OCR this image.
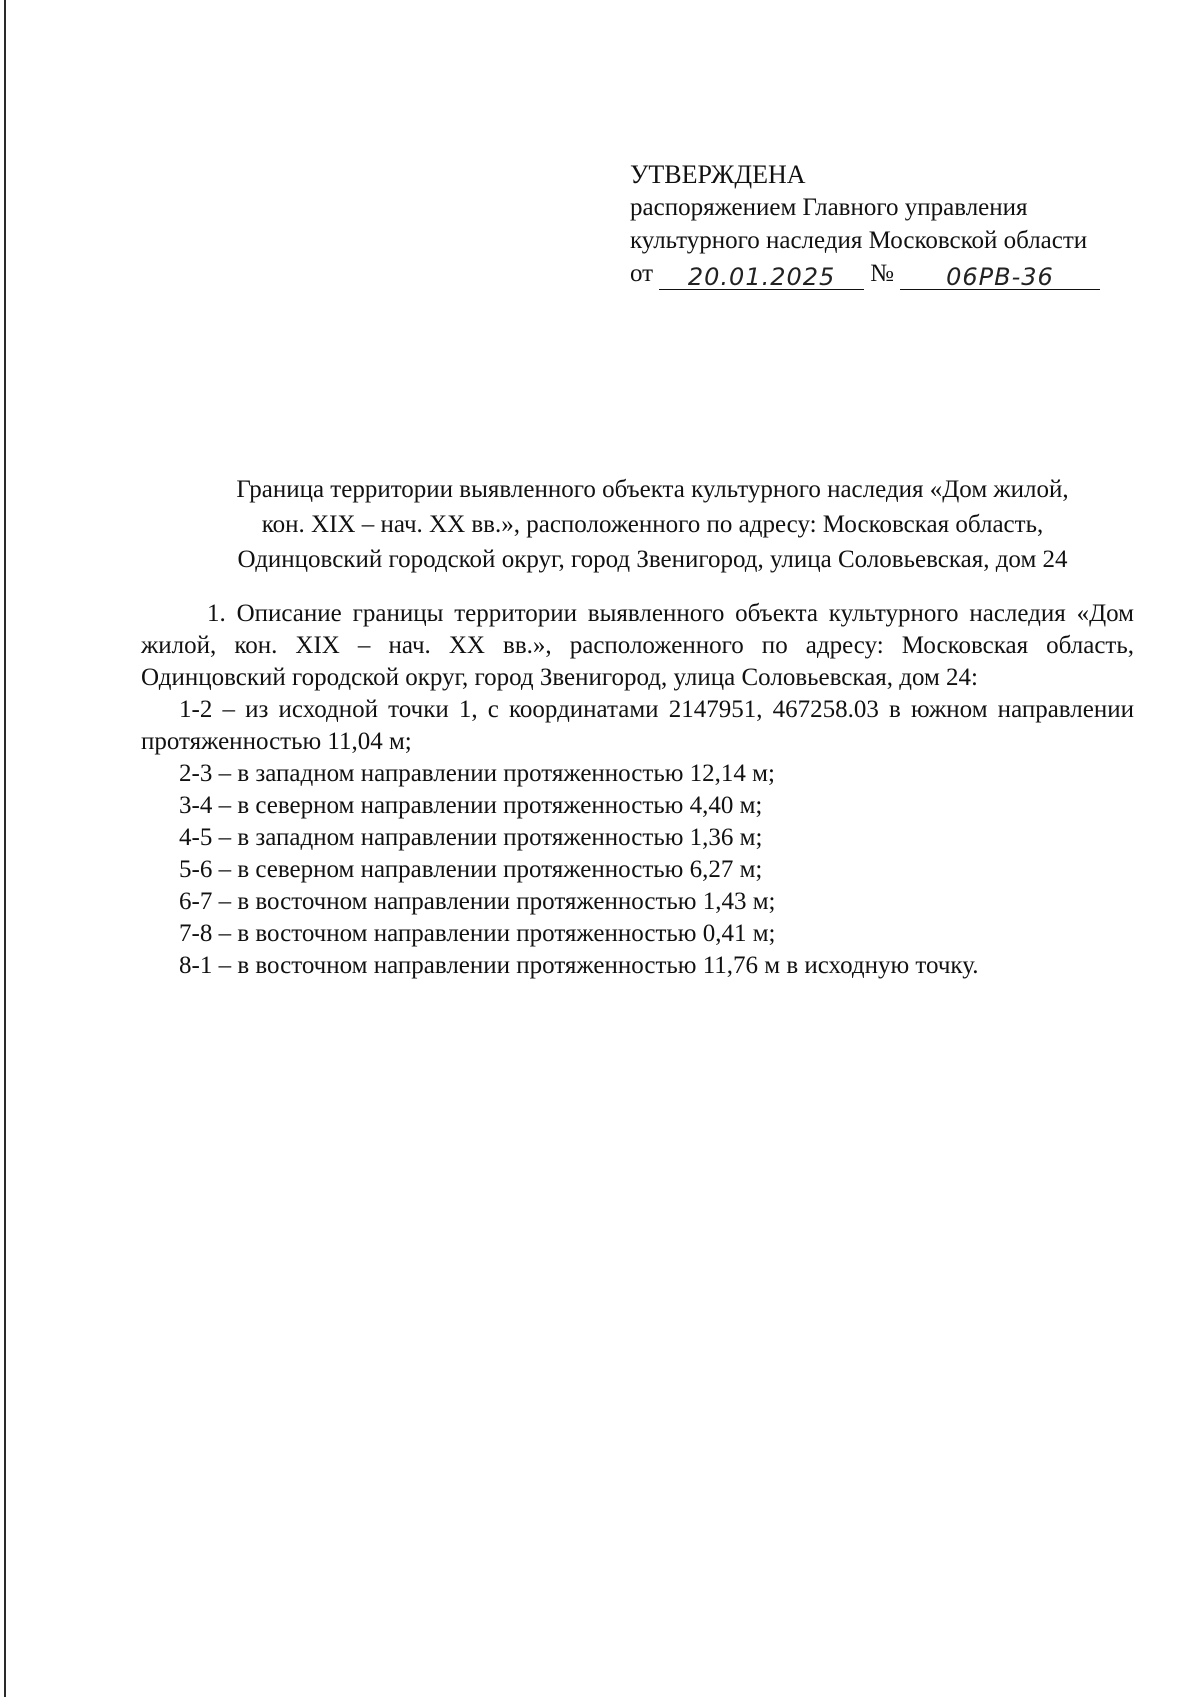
УТВЕРЖДЕНА
распоряжением Главного управления
культурного наследия Московской области
от	20.01.2025	№	06РВ-36
Граница территории выявленного объекта культурного наследия «Дом жилой,
кон. XIX – нач. XX вв.», расположенного по адресу: Московская область,
Одинцовский городской округ, город Звенигород, улица Соловьевская, дом 24

1. Описание границы территории выявленного объекта культурного наследия «Дом жилой, кон. XIX – нач. XX вв.», расположенного по адресу: Московская область, Одинцовский городской округ, город Звенигород, улица Соловьевская, дом 24:

1-2 – из исходной точки 1, с координатами 2147951, 467258.03 в южном направлении протяженностью 11,04 м;

2-3 – в западном направлении протяженностью 12,14 м;

3-4 – в северном направлении протяженностью 4,40 м;

4-5 – в западном направлении протяженностью 1,36 м;

5-6 – в северном направлении протяженностью 6,27 м;

6-7 – в восточном направлении протяженностью 1,43 м;

7-8 – в восточном направлении протяженностью 0,41 м;

8-1 – в восточном направлении протяженностью 11,76 м в исходную точку.
